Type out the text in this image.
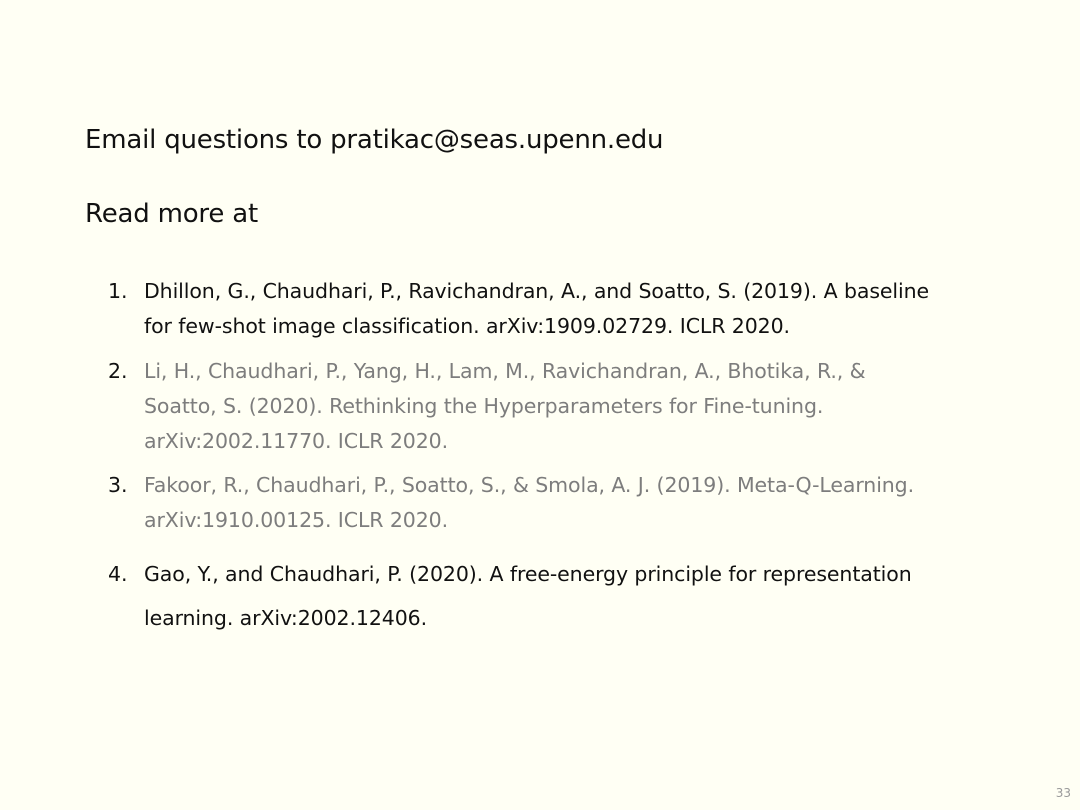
Email questions to pratikac@seas.upenn.edu
Read more at
1. Dhillon, G., Chaudhari, P., Ravichandran, A., and Soatto, S. (2019). A baseline
for few-shot image classification. arXiv:1909.02729. ICLR 2020.
2. Li, H., Chaudhari, P., Yang, H., Lam, M., Ravichandran, A., Bhotika, R., &
Soatto, S. (2020). Rethinking the Hyperparameters for Fine-tuning.
arXiv:2002.11770. ICLR 2020.
3. Fakoor, R., Chaudhari, P., Soatto, S., & Smola, A. J. (2019). Meta-Q-Learning.
arXiv:1910.00125. ICLR 2020.
4. Gao, Y., and Chaudhari, P. (2020). A free-energy principle for representation
learning. arXiv:2002.12406.
33
